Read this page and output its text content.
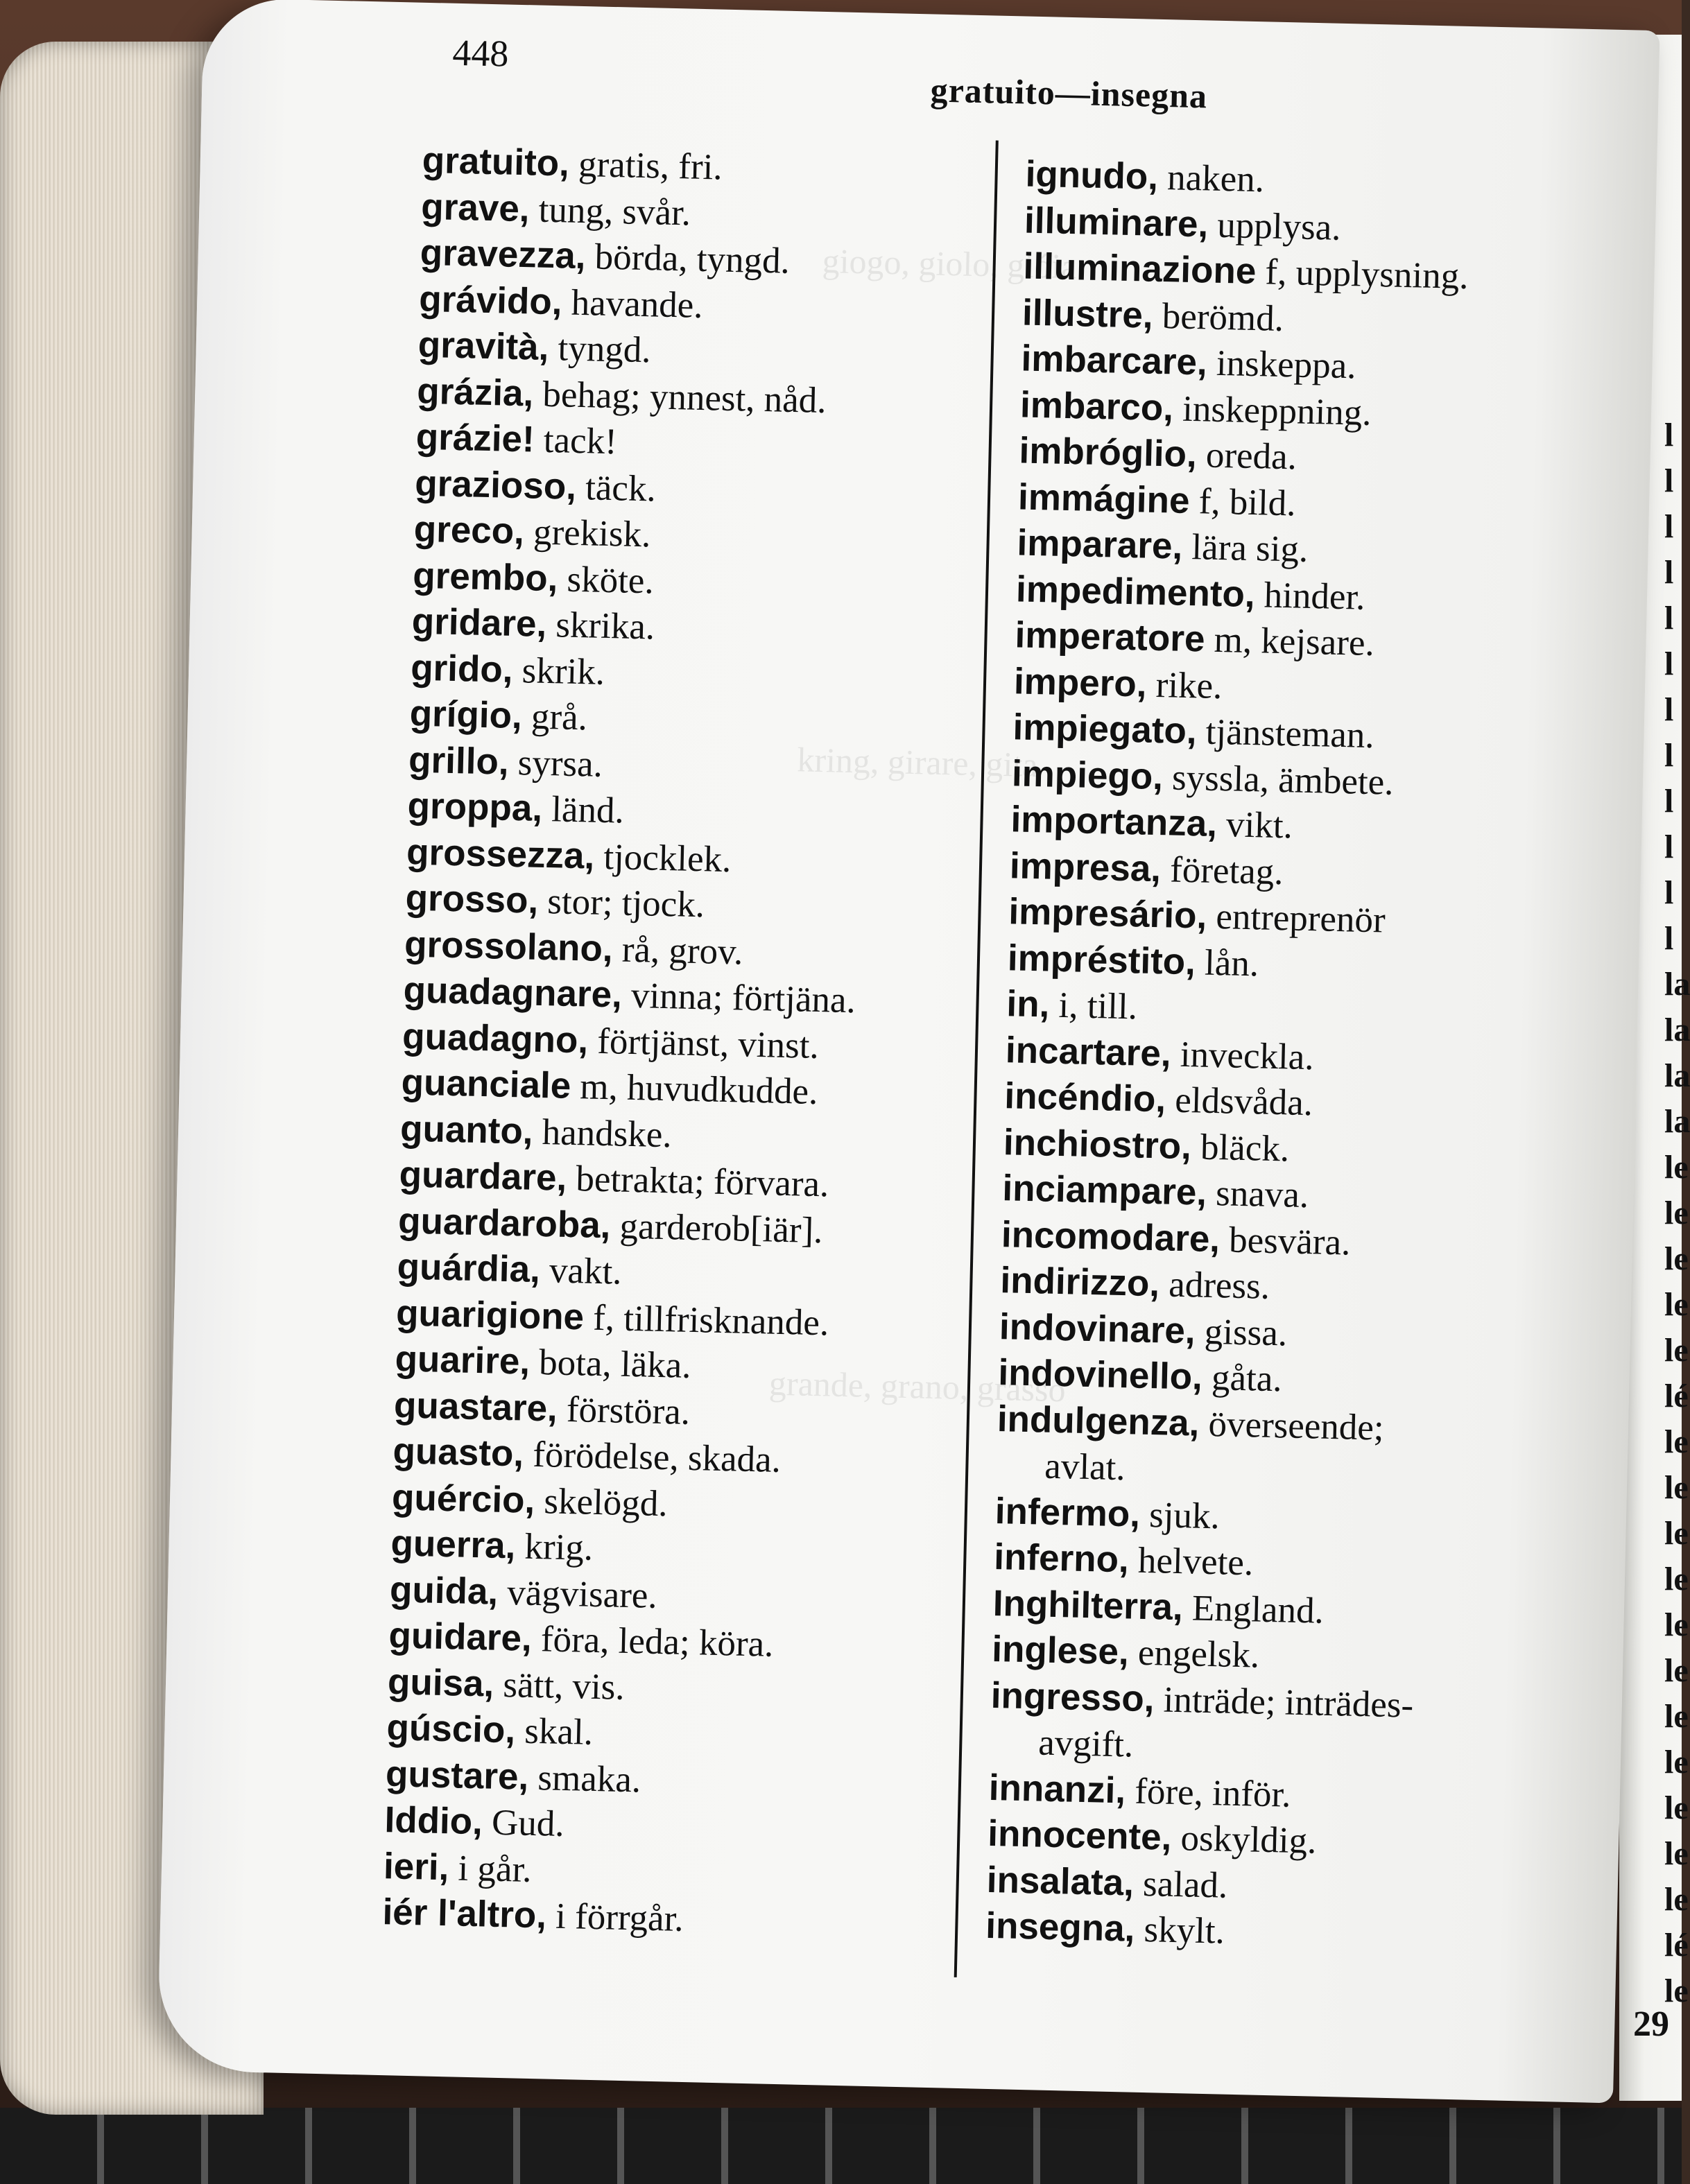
l
l
l
l
l
l
l
l
l
l
l
l
la
la
la
la
le
le
le
le
le
lé
le
le
le
le
le
le
le
le
le
le
le
lé
le
29
giogo, giolo, gióia
kring, girare, gita
grande, grano, grasso
448
gratuito—insegna
gratuito, gratis, fri.
grave, tung, svår.
gravezza, börda, tyngd.
grávido, havande.
gravità, tyngd.
grázia, behag; ynnest, nåd.
grázie! tack!
grazioso, täck.
greco, grekisk.
grembo, sköte.
gridare, skrika.
grido, skrik.
grígio, grå.
grillo, syrsa.
groppa, länd.
grossezza, tjocklek.
grosso, stor; tjock.
grossolano, rå, grov.
guadagnare, vinna; förtjäna.
guadagno, förtjänst, vinst.
guanciale m, huvudkudde.
guanto, handske.
guardare, betrakta; förvara.
guardaroba, garderob[iär].
guárdia, vakt.
guarigione f, tillfrisknande.
guarire, bota, läka.
guastare, förstöra.
guasto, förödelse, skada.
guércio, skelögd.
guerra, krig.
guida, vägvisare.
guidare, föra, leda; köra.
guisa, sätt, vis.
gúscio, skal.
gustare, smaka.
Iddio, Gud.
ieri, i går.
iér l'altro, i förrgår.
ignudo, naken.
illuminare, upplysa.
illuminazione f, upplysning.
illustre, berömd.
imbarcare, inskeppa.
imbarco, inskeppning.
imbróglio, oreda.
immágine f, bild.
imparare, lära sig.
impedimento, hinder.
imperatore m, kejsare.
impero, rike.
impiegato, tjänsteman.
impiego, syssla, ämbete.
importanza, vikt.
impresa, företag.
impresário, entreprenör
impréstito, lån.
in, i, till.
incartare, inveckla.
incéndio, eldsvåda.
inchiostro, bläck.
inciampare, snava.
incomodare, besvära.
indirizzo, adress.
indovinare, gissa.
indovinello, gåta.
indulgenza, överseende;
avlat.
infermo, sjuk.
inferno, helvete.
Inghilterra, England.
inglese, engelsk.
ingresso, inträde; inträdes-
avgift.
innanzi, före, inför.
innocente, oskyldig.
insalata, salad.
insegna, skylt.
